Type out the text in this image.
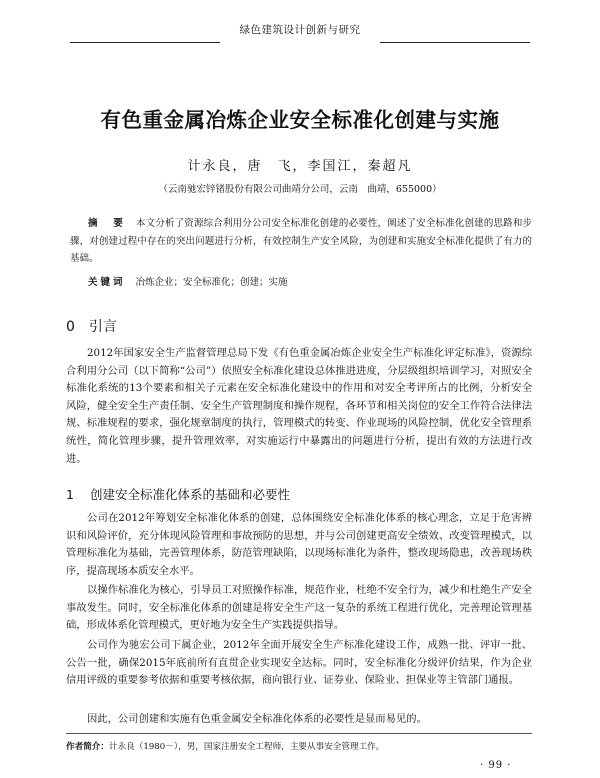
绿色建筑设计创新与研究
有色重金属冶炼企业安全标准化创建与实施
计永良，唐　飞，李国江，秦超凡
（云南驰宏锌锗股份有限公司曲靖分公司，云南　曲靖，655000）
摘　要 本文分析了资源综合利用分公司安全标准化创建的必要性，阐述了安全标准化创建的思路和步骤，对创建过程中存在的突出问题进行分析，有效控制生产安全风险，为创建和实施安全标准化提供了有力的基础。
关键词 冶炼企业；安全标准化；创建；实施
0 引言

2012年国家安全生产监督管理总局下发《有色重金属冶炼企业安全生产标准化评定标准》，资源综合利用分公司（以下简称“公司”）依照安全标准化建设总体推进进度，分层级组织培训学习，对照安全标准化系统的13个要素和相关子元素在安全标准化建设中的作用和对安全考评所占的比例，分析安全风险，健全安全生产责任制、安全生产管理制度和操作规程，各环节和相关岗位的安全工作符合法律法规、标准规程的要求，强化规章制度的执行，管理模式的转变、作业现场的风险控制，优化安全管理系统性，简化管理步骤，提升管理效率，对实施运行中暴露出的问题进行分析，提出有效的方法进行改进。

1 创建安全标准化体系的基础和必要性

公司在2012年筹划安全标准化体系的创建，总体围绕安全标准化体系的核心理念，立足于危害辨识和风险评价，充分体现风险管理和事故预防的思想，并与公司创建更高安全绩效、改变管理模式，以管理标准化为基础，完善管理体系，防范管理缺陷，以现场标准化为条件，整改现场隐患，改善现场秩序，提高现场本质安全水平。

以操作标准化为核心，引导员工对照操作标准，规范作业，杜绝不安全行为，减少和杜绝生产安全事故发生。同时，安全标准化体系的创建是将安全生产这一复杂的系统工程进行优化，完善理论管理基础，形成体系化管理模式，更好地为安全生产实践提供指导。

公司作为驰宏公司下属企业，2012年全面开展安全生产标准化建设工作，成熟一批、评审一批、公告一批，确保2015年底前所有直贯企业实现安全达标。同时，安全标准化分级评价结果，作为企业信用评级的重要参考依据和重要考核依据，商向银行业、证券业、保险业、担保业等主管部门通报。

因此，公司创建和实施有色重金属安全标准化体系的必要性是显而易见的。

作者简介：计永良（1980－），男，国家注册安全工程师，主要从事安全管理工作。
· 99 ·
